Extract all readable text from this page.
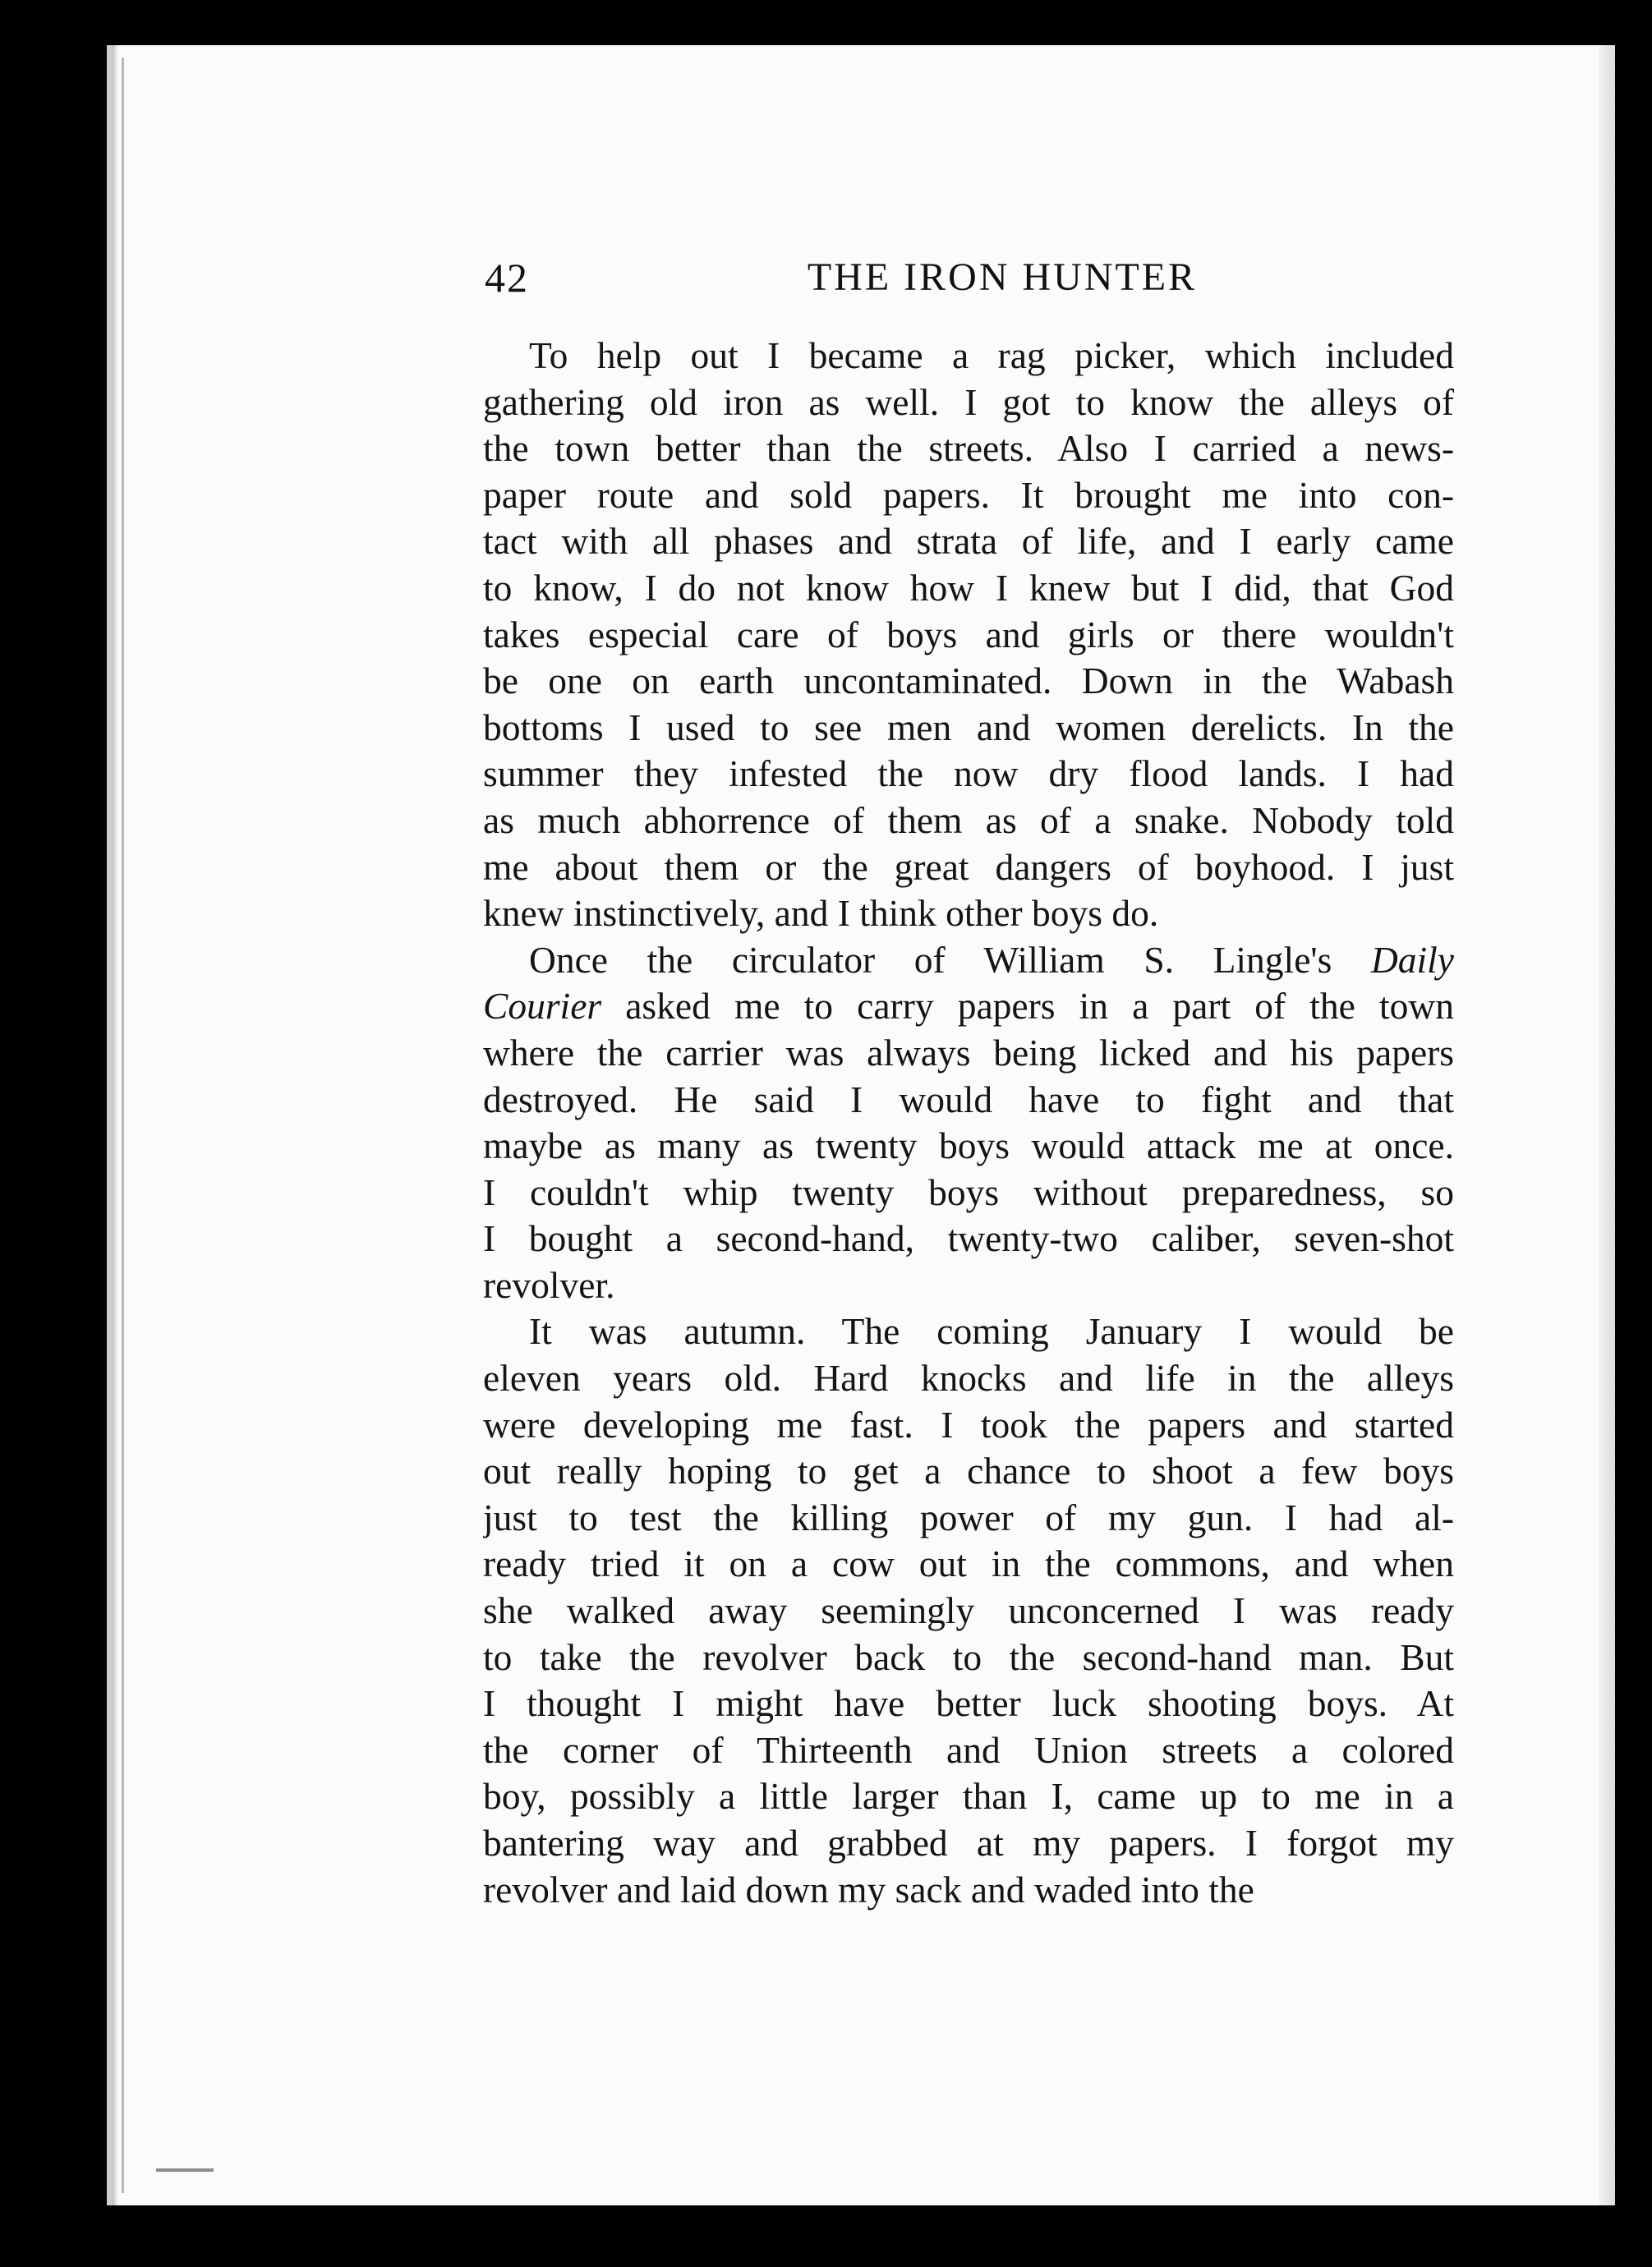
42	THE IRON HUNTER
To help out I became a rag picker, which included
gathering old iron as well. I got to know the alleys of
the town better than the streets. Also I carried a news-
paper route and sold papers. It brought me into con-
tact with all phases and strata of life, and I early came
to know, I do not know how I knew but I did, that God
takes especial care of boys and girls or there wouldn't
be one on earth uncontaminated. Down in the Wabash
bottoms I used to see men and women derelicts. In the
summer they infested the now dry flood lands. I had
as much abhorrence of them as of a snake. Nobody told
me about them or the great dangers of boyhood. I just
knew instinctively, and I think other boys do.
Once the circulator of William S. Lingle's Daily
Courier asked me to carry papers in a part of the town
where the carrier was always being licked and his papers
destroyed. He said I would have to fight and that
maybe as many as twenty boys would attack me at once.
I couldn't whip twenty boys without preparedness, so
I bought a second-hand, twenty-two caliber, seven-shot
revolver.
It was autumn. The coming January I would be
eleven years old. Hard knocks and life in the alleys
were developing me fast. I took the papers and started
out really hoping to get a chance to shoot a few boys
just to test the killing power of my gun. I had al-
ready tried it on a cow out in the commons, and when
she walked away seemingly unconcerned I was ready
to take the revolver back to the second-hand man. But
I thought I might have better luck shooting boys. At
the corner of Thirteenth and Union streets a colored
boy, possibly a little larger than I, came up to me in a
bantering way and grabbed at my papers. I forgot my
revolver and laid down my sack and waded into the
